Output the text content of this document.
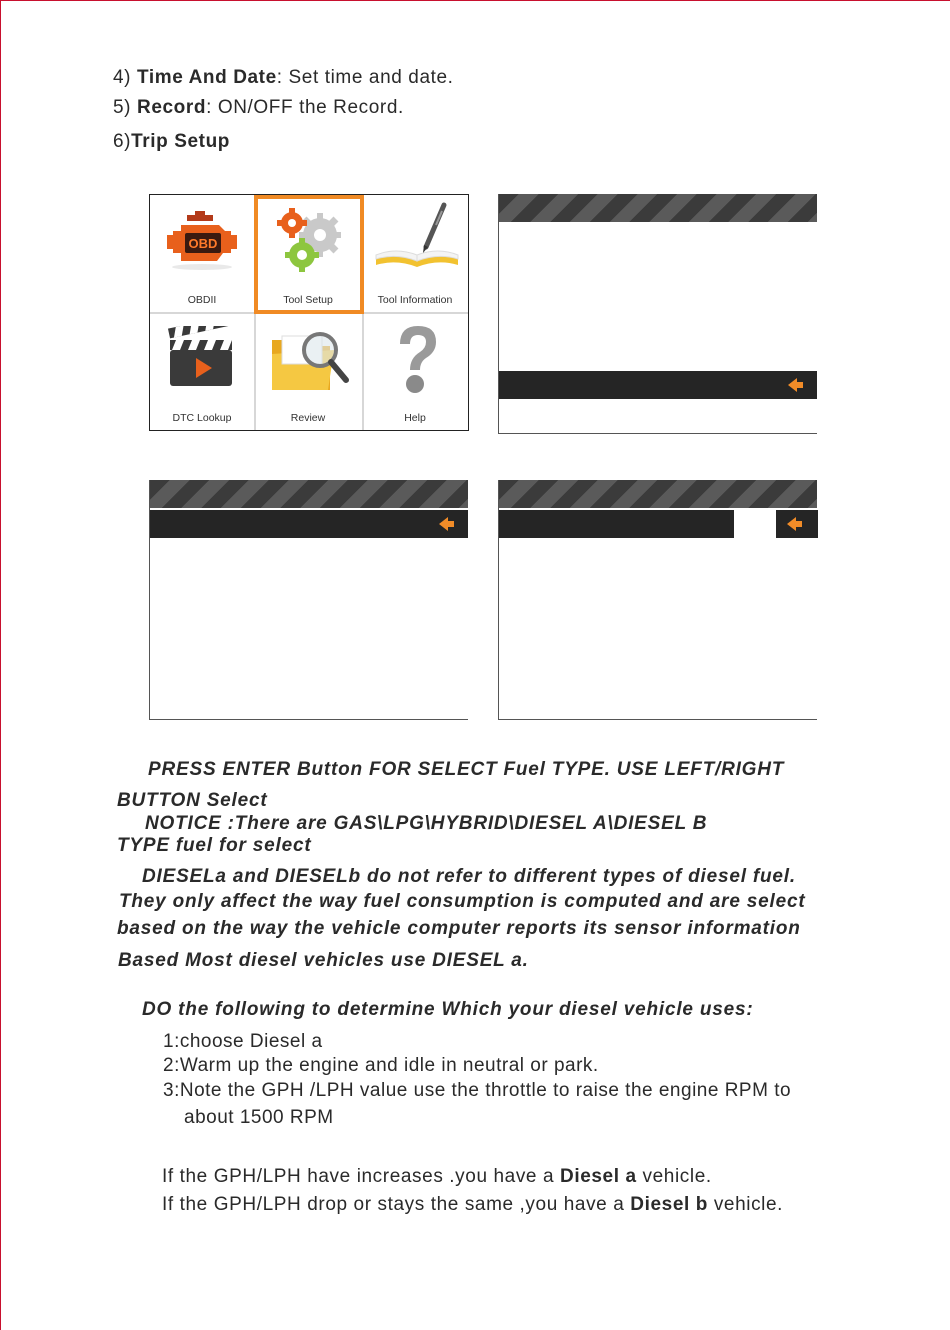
4) Time And Date: Set time and date.
5) Record: ON/OFF the Record.
6)Trip Setup
OBD
OBDII	Tool Setup	Tool Information
DTC Lookup	Review	Help
PRESS ENTER Button FOR SELECT Fuel TYPE. USE LEFT/RIGHT
BUTTON Select
NOTICE :There are GAS\LPG\HYBRID\DIESEL A\DIESEL B
TYPE fuel for select
DIESELa and DIESELb do not refer to different types of diesel fuel.
They only affect the way fuel consumption is computed and are select
based on the way the vehicle computer reports its sensor information
Based Most diesel vehicles use DIESEL a.
DO the following to determine Which your diesel vehicle uses:
1:choose Diesel a
2:Warm up the engine and idle in neutral or park.
3:Note the GPH /LPH value use the throttle to raise the engine RPM to
about 1500 RPM
If the GPH/LPH have increases .you have a Diesel a vehicle.
If the GPH/LPH drop or stays the same ,you have a Diesel b vehicle.
